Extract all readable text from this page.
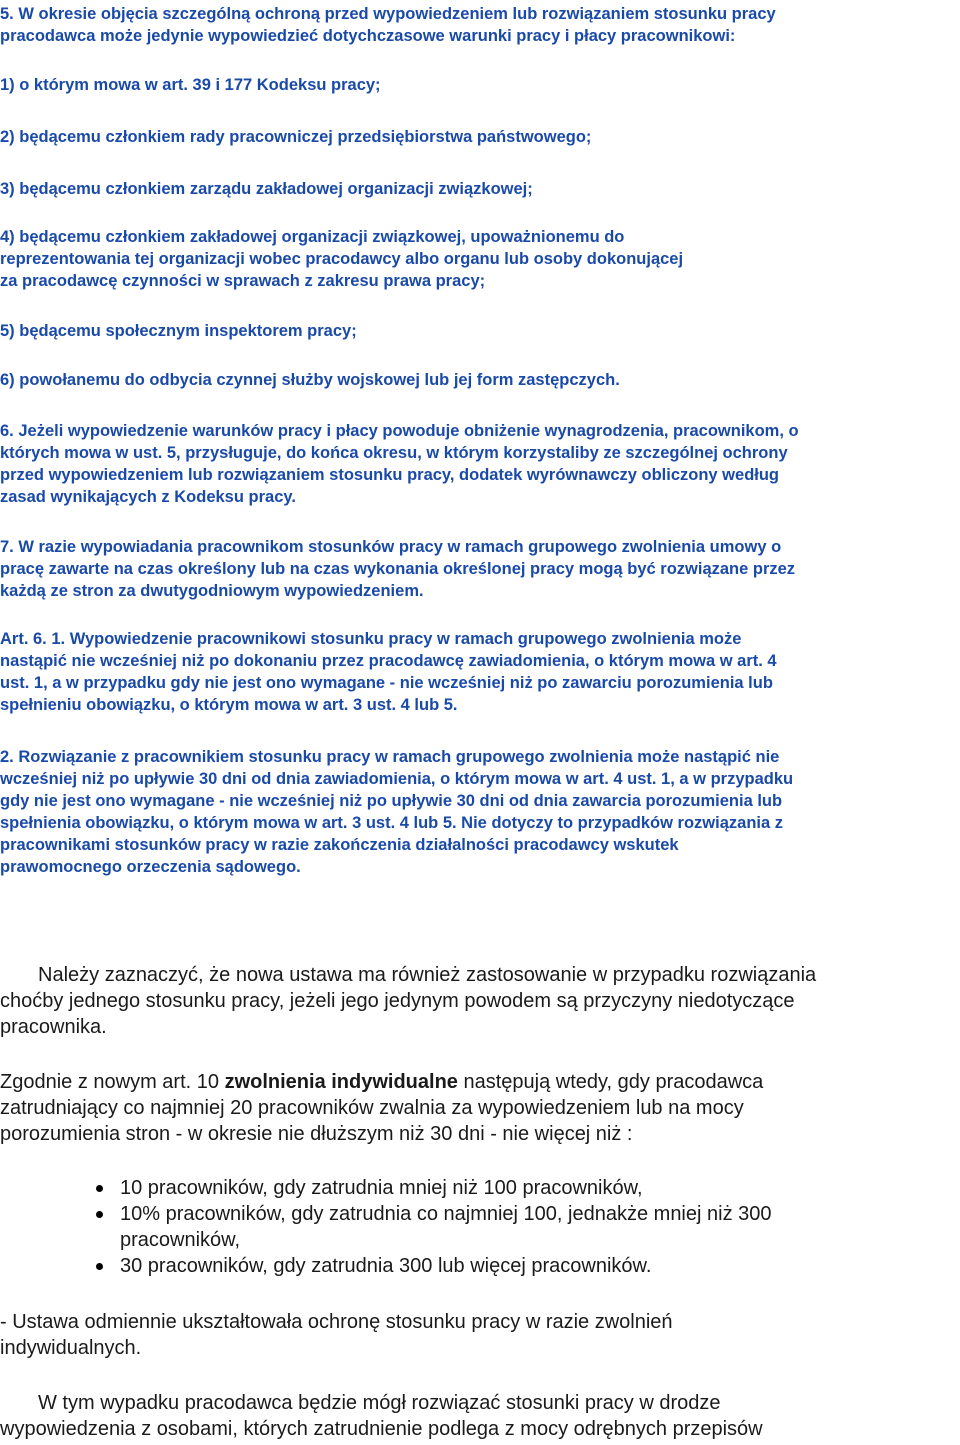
5. W okresie objęcia szczególną ochroną przed wypowiedzeniem lub rozwiązaniem stosunku pracy
pracodawca może jedynie wypowiedzieć dotychczasowe warunki pracy i płacy pracownikowi:

1) o którym mowa w art. 39 i 177 Kodeksu pracy;

2) będącemu członkiem rady pracowniczej przedsiębiorstwa państwowego;

3) będącemu członkiem zarządu zakładowej organizacji związkowej;

4) będącemu członkiem zakładowej organizacji związkowej, upoważnionemu do
reprezentowania tej organizacji wobec pracodawcy albo organu lub osoby dokonującej
za pracodawcę czynności w sprawach z zakresu prawa pracy;

5) będącemu społecznym inspektorem pracy;

6) powołanemu do odbycia czynnej służby wojskowej lub jej form zastępczych.

6. Jeżeli wypowiedzenie warunków pracy i płacy powoduje obniżenie wynagrodzenia, pracownikom, o
których mowa w ust. 5, przysługuje, do końca okresu, w którym korzystaliby ze szczególnej ochrony
przed wypowiedzeniem lub rozwiązaniem stosunku pracy, dodatek wyrównawczy obliczony według
zasad wynikających z Kodeksu pracy.

7. W razie wypowiadania pracownikom stosunków pracy w ramach grupowego zwolnienia umowy o
pracę zawarte na czas określony lub na czas wykonania określonej pracy mogą być rozwiązane przez
każdą ze stron za dwutygodniowym wypowiedzeniem.

Art. 6. 1. Wypowiedzenie pracownikowi stosunku pracy w ramach grupowego zwolnienia może
nastąpić nie wcześniej niż po dokonaniu przez pracodawcę zawiadomienia, o którym mowa w art. 4
ust. 1, a w przypadku gdy nie jest ono wymagane - nie wcześniej niż po zawarciu porozumienia lub
spełnieniu obowiązku, o którym mowa w art. 3 ust. 4 lub 5.

2. Rozwiązanie z pracownikiem stosunku pracy w ramach grupowego zwolnienia może nastąpić nie
wcześniej niż po upływie 30 dni od dnia zawiadomienia, o którym mowa w art. 4 ust. 1, a w przypadku
gdy nie jest ono wymagane - nie wcześniej niż po upływie 30 dni od dnia zawarcia porozumienia lub
spełnienia obowiązku, o którym mowa w art. 3 ust. 4 lub 5. Nie dotyczy to przypadków rozwiązania z
pracownikami stosunków pracy w razie zakończenia działalności pracodawcy wskutek
prawomocnego orzeczenia sądowego.

Należy zaznaczyć, że nowa ustawa ma również zastosowanie w przypadku rozwiązania
choćby jednego stosunku pracy, jeżeli jego jedynym powodem są przyczyny niedotyczące
pracownika.

Zgodnie z nowym art. 10 zwolnienia indywidualne następują wtedy, gdy pracodawca
zatrudniający co najmniej 20 pracowników zwalnia za wypowiedzeniem lub na mocy
porozumienia stron - w okresie nie dłuższym niż 30 dni - nie więcej niż :

10 pracowników, gdy zatrudnia mniej niż 100 pracowników,
10% pracowników, gdy zatrudnia co najmniej 100, jednakże mniej niż 300
pracowników,
30 pracowników, gdy zatrudnia 300 lub więcej pracowników.

- Ustawa odmiennie ukształtowała ochronę stosunku pracy w razie zwolnień
indywidualnych.

W tym wypadku pracodawca będzie mógł rozwiązać stosunki pracy w drodze
wypowiedzenia z osobami, których zatrudnienie podlega z mocy odrębnych przepisów
